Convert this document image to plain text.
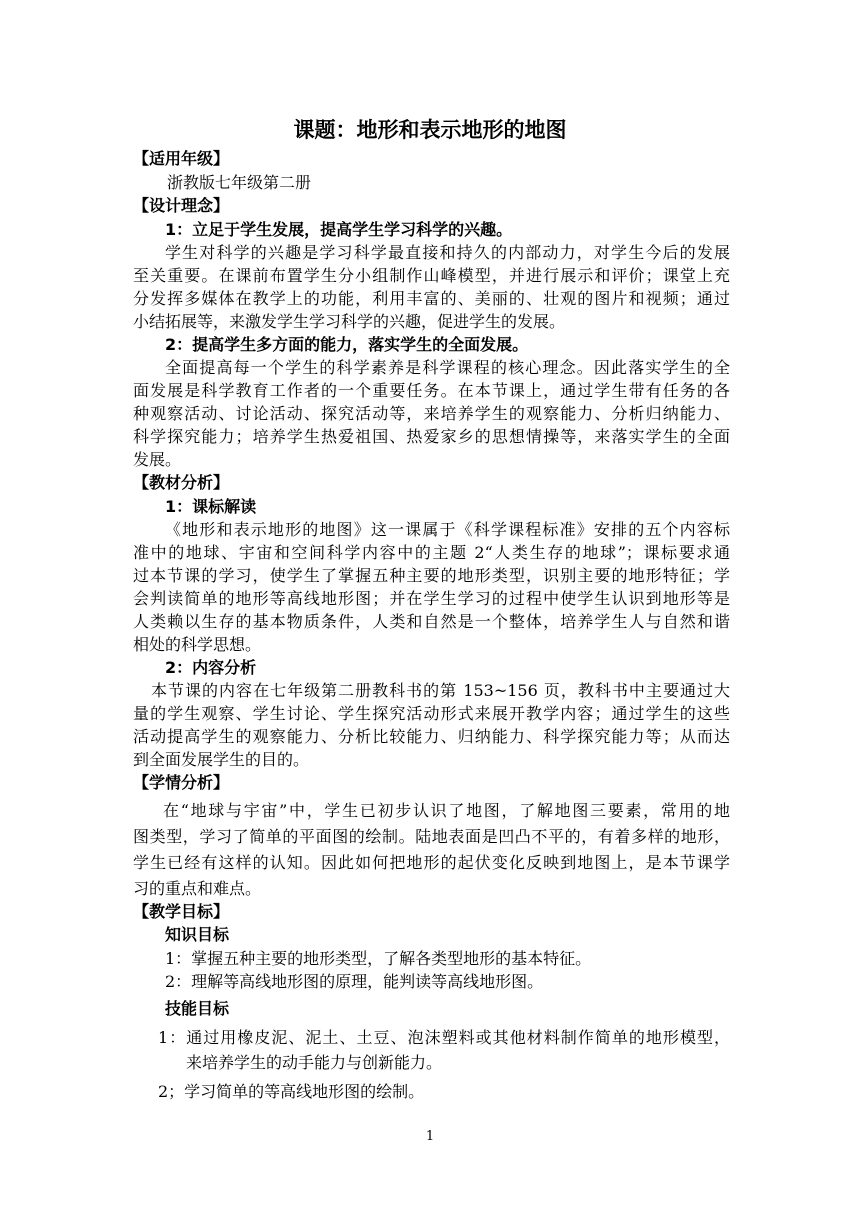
课题：地形和表示地形的地图
【适用年级】
浙教版七年级第二册
【设计理念】
1：立足于学生发展，提高学生学习科学的兴趣。
学生对科学的兴趣是学习科学最直接和持久的内部动力，对学生今后的发展
至关重要。在课前布置学生分小组制作山峰模型，并进行展示和评价；课堂上充
分发挥多媒体在教学上的功能，利用丰富的、美丽的、壮观的图片和视频；通过
小结拓展等，来激发学生学习科学的兴趣，促进学生的发展。
2：提高学生多方面的能力，落实学生的全面发展。
全面提高每一个学生的科学素养是科学课程的核心理念。因此落实学生的全
面发展是科学教育工作者的一个重要任务。在本节课上，通过学生带有任务的各
种观察活动、讨论活动、探究活动等，来培养学生的观察能力、分析归纳能力、
科学探究能力；培养学生热爱祖国、热爱家乡的思想情操等，来落实学生的全面
发展。
【教材分析】
1：课标解读
《地形和表示地形的地图》这一课属于《科学课程标准》安排的五个内容标
准中的地球、宇宙和空间科学内容中的主题 2“人类生存的地球”；课标要求通
过本节课的学习，使学生了掌握五种主要的地形类型，识别主要的地形特征；学
会判读简单的地形等高线地形图；并在学生学习的过程中使学生认识到地形等是
人类赖以生存的基本物质条件，人类和自然是一个整体，培养学生人与自然和谐
相处的科学思想。
2：内容分析
本节课的内容在七年级第二册教科书的第 153~156 页，教科书中主要通过大
量的学生观察、学生讨论、学生探究活动形式来展开教学内容；通过学生的这些
活动提高学生的观察能力、分析比较能力、归纳能力、科学探究能力等；从而达
到全面发展学生的目的。
【学情分析】
在“地球与宇宙”中，学生已初步认识了地图，了解地图三要素，常用的地
图类型，学习了简单的平面图的绘制。陆地表面是凹凸不平的，有着多样的地形，
学生已经有这样的认知。因此如何把地形的起伏变化反映到地图上，是本节课学
习的重点和难点。
【教学目标】
知识目标
1：掌握五种主要的地形类型，了解各类型地形的基本特征。
2：理解等高线地形图的原理，能判读等高线地形图。
技能目标
1：通过用橡皮泥、泥土、土豆、泡沫塑料或其他材料制作简单的地形模型，
来培养学生的动手能力与创新能力。
2；学习简单的等高线地形图的绘制。
1
